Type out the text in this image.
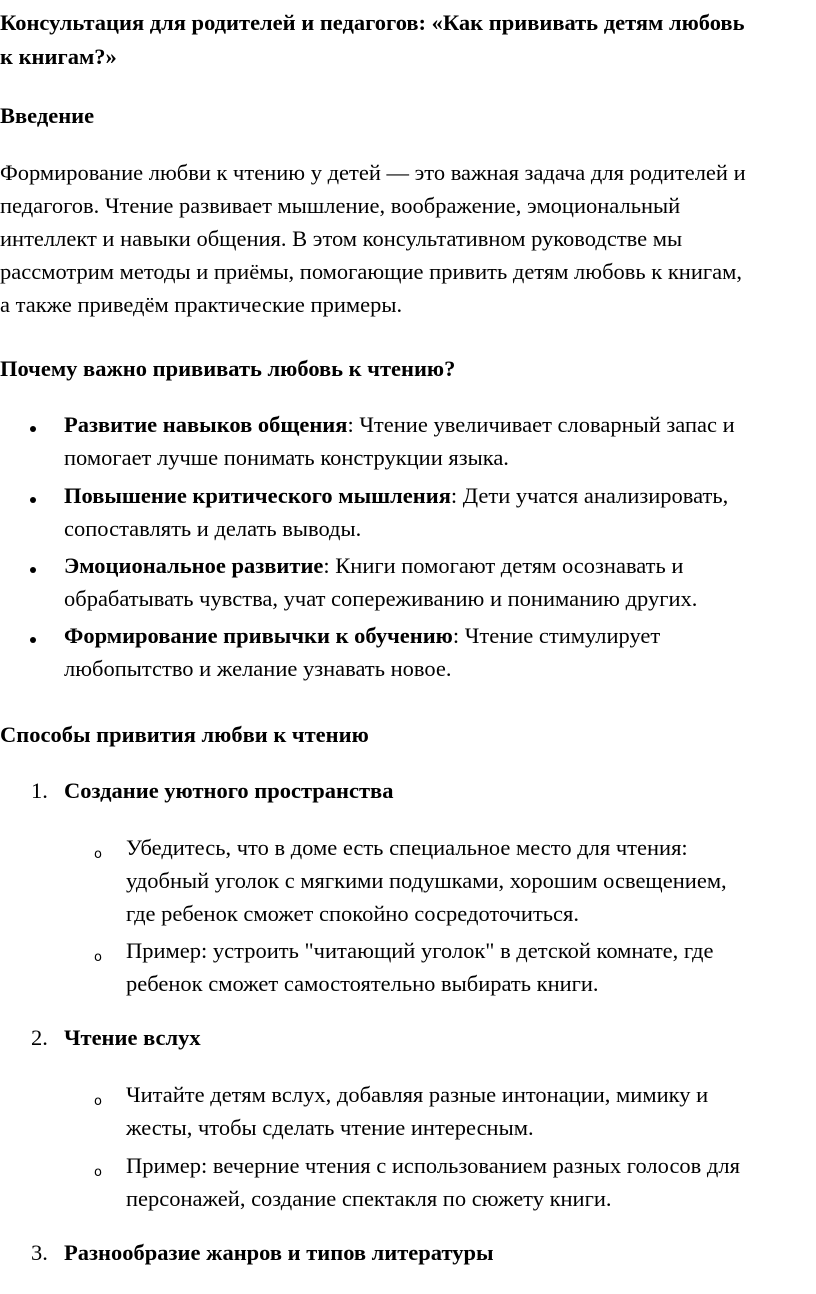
Консультация для родителей и педагогов: «Как прививать детям любовь
к книгам?»
Введение
Формирование любви к чтению у детей — это важная задача для родителей и
педагогов. Чтение развивает мышление, воображение, эмоциональный
интеллект и навыки общения. В этом консультативном руководстве мы
рассмотрим методы и приёмы, помогающие привить детям любовь к книгам,
а также приведём практические примеры.
Почему важно прививать любовь к чтению?
Развитие навыков общения: Чтение увеличивает словарный запас и
помогает лучше понимать конструкции языка.
Повышение критического мышления: Дети учатся анализировать,
сопоставлять и делать выводы.
Эмоциональное развитие: Книги помогают детям осознавать и
обрабатывать чувства, учат сопереживанию и пониманию других.
Формирование привычки к обучению: Чтение стимулирует
любопытство и желание узнавать новое.
Способы привития любви к чтению
1. Создание уютного пространства
o Убедитесь, что в доме есть специальное место для чтения:
удобный уголок с мягкими подушками, хорошим освещением,
где ребенок сможет спокойно сосредоточиться.
o Пример: устроить "читающий уголок" в детской комнате, где
ребенок сможет самостоятельно выбирать книги.
2. Чтение вслух
o Читайте детям вслух, добавляя разные интонации, мимику и
жесты, чтобы сделать чтение интересным.
o Пример: вечерние чтения с использованием разных голосов для
персонажей, создание спектакля по сюжету книги.
3. Разнообразие жанров и типов литературы
